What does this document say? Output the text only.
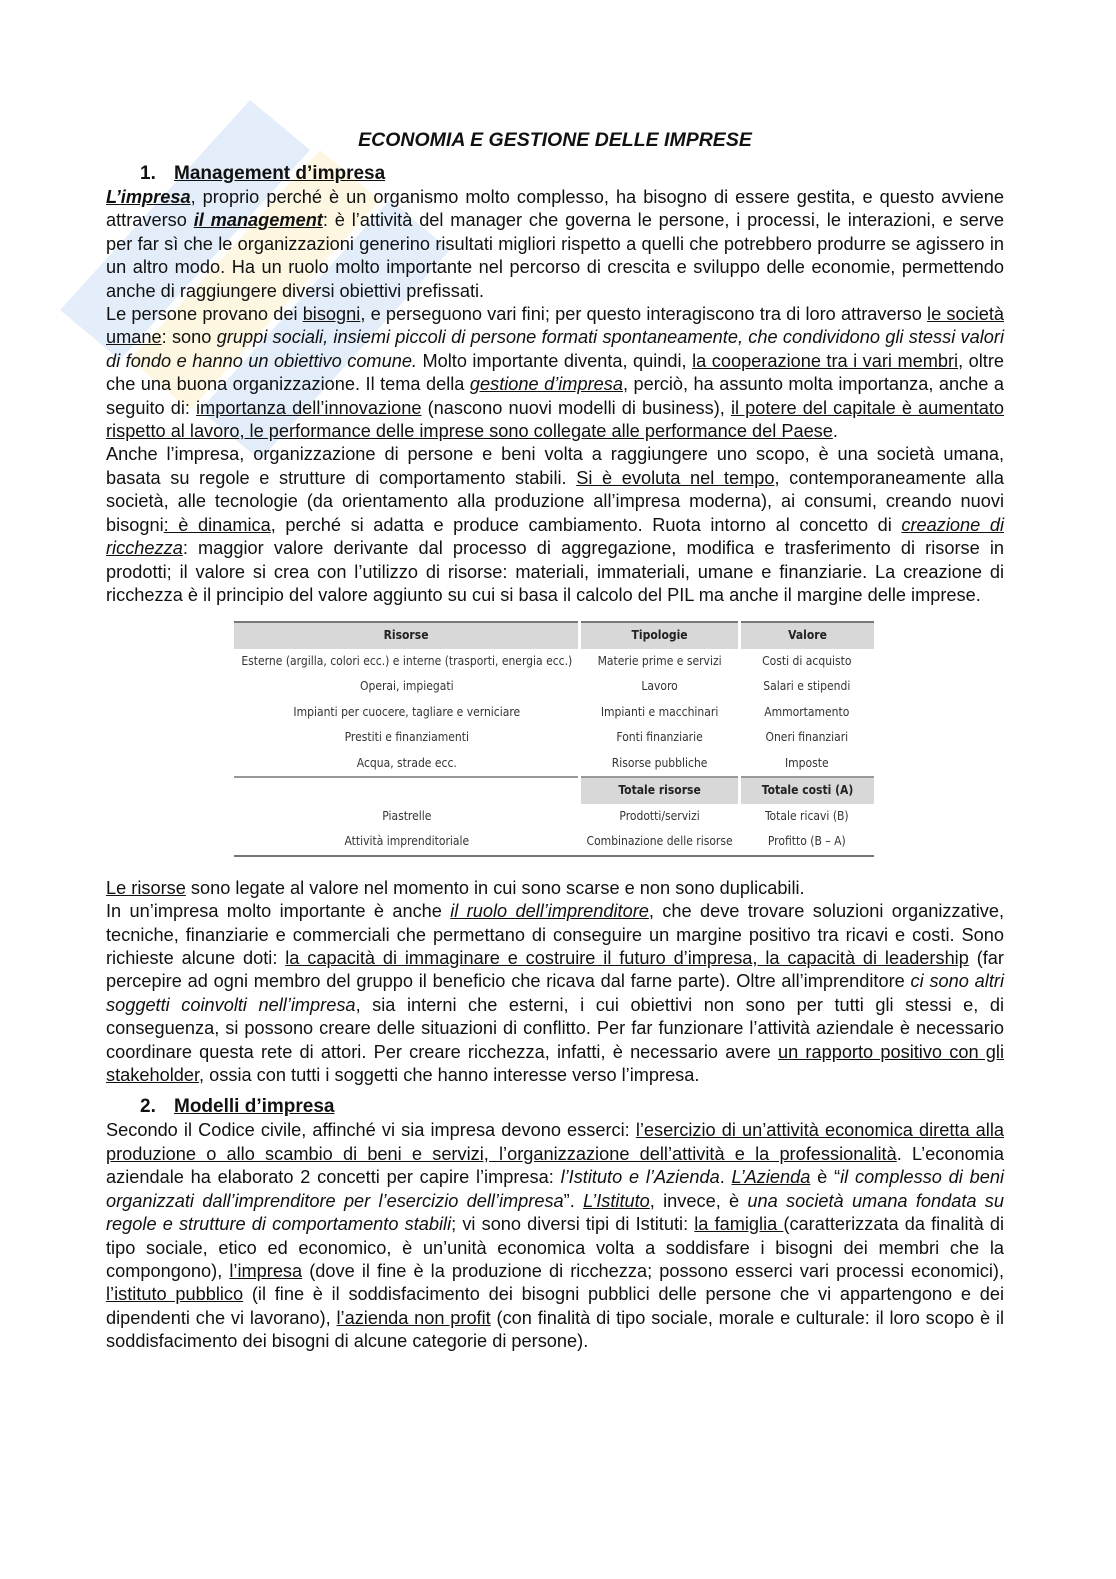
ECONOMIA E GESTIONE DELLE IMPRESE
1. Management d’impresa

L’impresa, proprio perché è un organismo molto complesso, ha bisogno di essere gestita, e questo avviene attraverso il management: è l’attività del manager che governa le persone, i processi, le interazioni, e serve per far sì che le organizzazioni generino risultati migliori rispetto a quelli che potrebbero produrre se agissero in un altro modo. Ha un ruolo molto importante nel percorso di crescita e sviluppo delle economie, permettendo anche di raggiungere diversi obiettivi prefissati.

Le persone provano dei bisogni, e perseguono vari fini; per questo interagiscono tra di loro attraverso le società umane: sono gruppi sociali, insiemi piccoli di persone formati spontaneamente, che condividono gli stessi valori di fondo e hanno un obiettivo comune. Molto importante diventa, quindi, la cooperazione tra i vari membri, oltre che una buona organizzazione. Il tema della gestione d’impresa, perciò, ha assunto molta importanza, anche a seguito di: importanza dell’innovazione (nascono nuovi modelli di business), il potere del capitale è aumentato rispetto al lavoro, le performance delle imprese sono collegate alle performance del Paese.

Anche l’impresa, organizzazione di persone e beni volta a raggiungere uno scopo, è una società umana, basata su regole e strutture di comportamento stabili. Si è evoluta nel tempo, contemporaneamente alla società, alle tecnologie (da orientamento alla produzione all’impresa moderna), ai consumi, creando nuovi bisogni: è dinamica, perché si adatta e produce cambiamento. Ruota intorno al concetto di creazione di ricchezza: maggior valore derivante dal processo di aggregazione, modifica e trasferimento di risorse in prodotti; il valore si crea con l’utilizzo di risorse: materiali, immateriali, umane e finanziarie. La creazione di ricchezza è il principio del valore aggiunto su cui si basa il calcolo del PIL ma anche il margine delle imprese.

Risorse	Tipologie	Valore
Esterne (argilla, colori ecc.) e interne (trasporti, energia ecc.)	Materie prime e servizi	Costi di acquisto
Operai, impiegati	Lavoro	Salari e stipendi
Impianti per cuocere, tagliare e verniciare	Impianti e macchinari	Ammortamento
Prestiti e finanziamenti	Fonti finanziarie	Oneri finanziari
Acqua, strade ecc.	Risorse pubbliche	Imposte
	Totale risorse	Totale costi (A)
Piastrelle	Prodotti/servizi	Totale ricavi (B)
Attività imprenditoriale	Combinazione delle risorse	Profitto (B – A)

Le risorse sono legate al valore nel momento in cui sono scarse e non sono duplicabili.

In un’impresa molto importante è anche il ruolo dell’imprenditore, che deve trovare soluzioni organizzative, tecniche, finanziarie e commerciali che permettano di conseguire un margine positivo tra ricavi e costi. Sono richieste alcune doti: la capacità di immaginare e costruire il futuro d’impresa, la capacità di leadership (far percepire ad ogni membro del gruppo il beneficio che ricava dal farne parte). Oltre all’imprenditore ci sono altri soggetti coinvolti nell’impresa, sia interni che esterni, i cui obiettivi non sono per tutti gli stessi e, di conseguenza, si possono creare delle situazioni di conflitto. Per far funzionare l’attività aziendale è necessario coordinare questa rete di attori. Per creare ricchezza, infatti, è necessario avere un rapporto positivo con gli stakeholder, ossia con tutti i soggetti che hanno interesse verso l’impresa.

2. Modelli d’impresa

Secondo il Codice civile, affinché vi sia impresa devono esserci: l’esercizio di un’attività economica diretta alla produzione o allo scambio di beni e servizi, l’organizzazione dell’attività e la professionalità. L’economia aziendale ha elaborato 2 concetti per capire l’impresa: l’Istituto e l’Azienda. L’Azienda è “il complesso di beni organizzati dall’imprenditore per l’esercizio dell’impresa”. L’Istituto, invece, è una società umana fondata su regole e strutture di comportamento stabili; vi sono diversi tipi di Istituti: la famiglia (caratterizzata da finalità di tipo sociale, etico ed economico, è un’unità economica volta a soddisfare i bisogni dei membri che la compongono), l’impresa (dove il fine è la produzione di ricchezza; possono esserci vari processi economici), l’istituto pubblico (il fine è il soddisfacimento dei bisogni pubblici delle persone che vi appartengono e dei dipendenti che vi lavorano), l’azienda non profit (con finalità di tipo sociale, morale e culturale: il loro scopo è il soddisfacimento dei bisogni di alcune categorie di persone).
